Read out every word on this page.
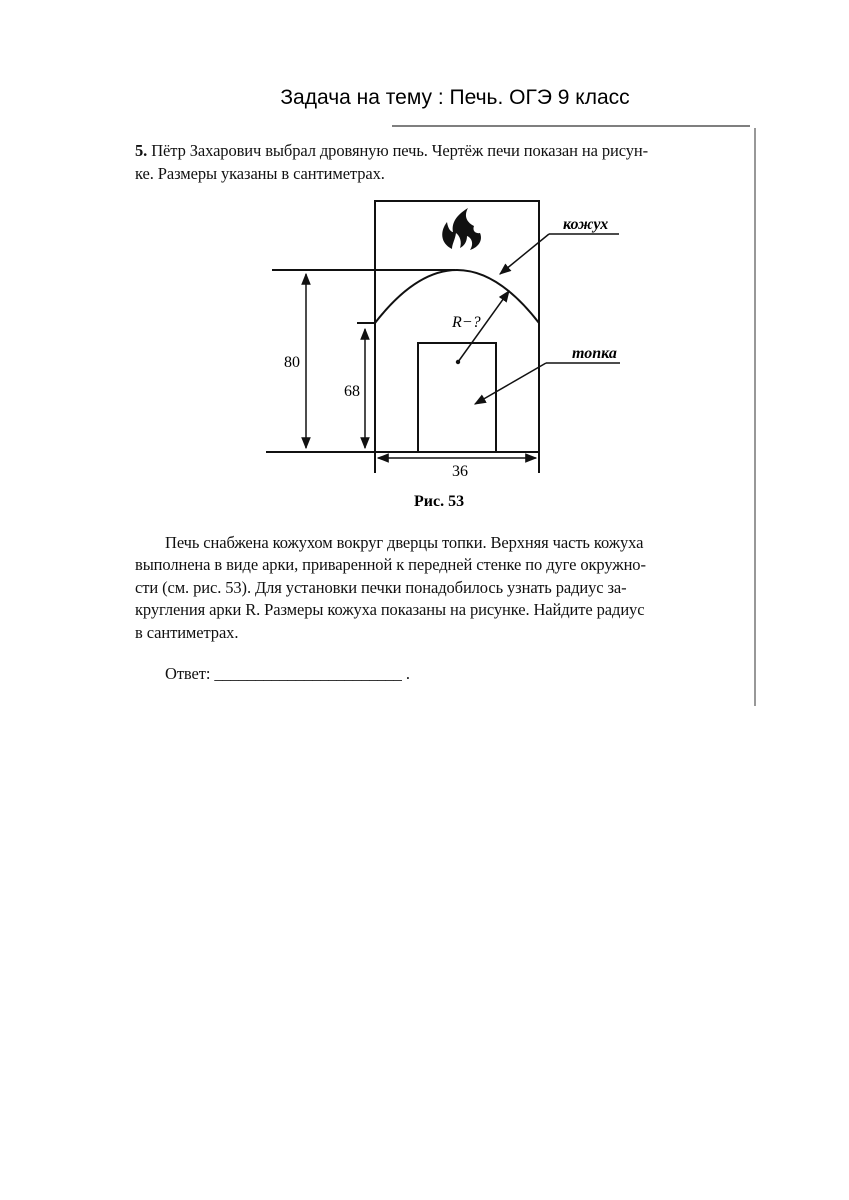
Задача на тему : Печь. ОГЭ 9 класс
80
68
36
R−?
кожух
топка
Рис. 53
5. Пётр Захарович выбрал дровяную печь. Чертёж печи показан на рисун-
ке. Размеры указаны в сантиметрах.
Печь снабжена кожухом вокруг дверцы топки. Верхняя часть кожуха
выполнена в виде арки, приваренной к передней стенке по дуге окружно-
сти (см. рис. 53). Для установки печки понадобилось узнать радиус за-
кругления арки R. Размеры кожуха показаны на рисунке. Найдите радиус
в сантиметрах.
Ответ: _______________________ .
